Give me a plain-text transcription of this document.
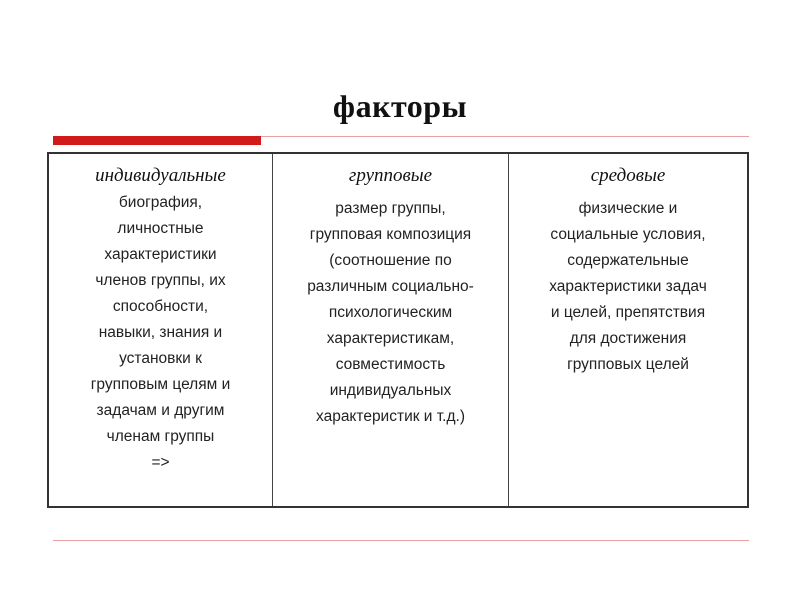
факторы
индивидуальные
биография,
личностные
характеристики
членов группы, их
способности,
навыки, знания и
установки к
групповым целям и
задачам и другим
членам группы
=>
групповые
размер группы,
групповая композиция
(соотношение по
различным социально-
психологическим
характеристикам,
совместимость
индивидуальных
характеристик и т.д.)
средовые
физические и
социальные условия,
содержательные
характеристики задач
и целей, препятствия
для достижения
групповых целей
